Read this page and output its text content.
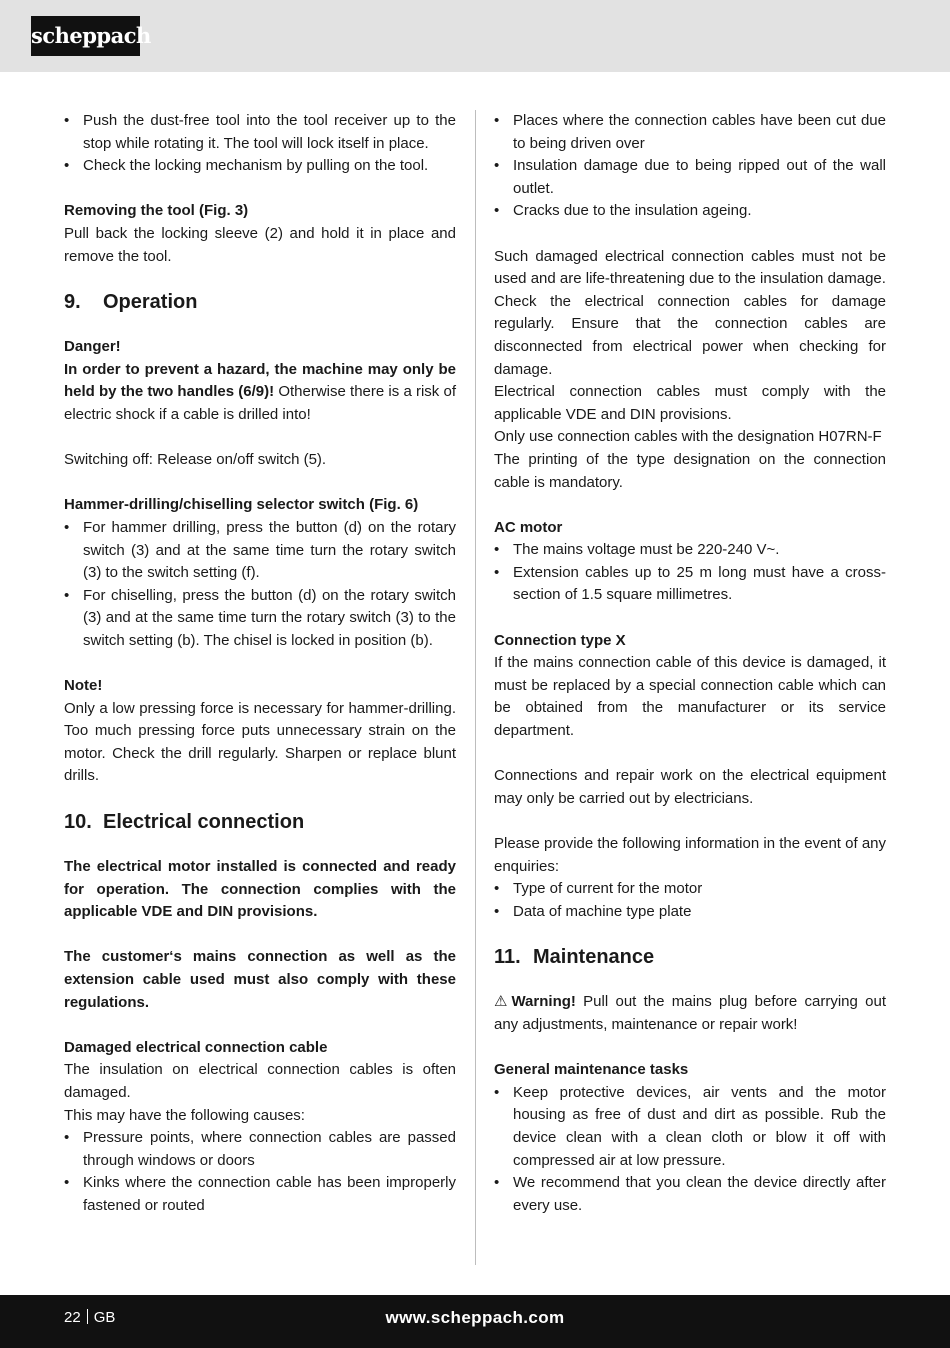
scheppach
• Push the dust-free tool into the tool receiver up to the stop while rotating it. The tool will lock itself in place.
• Check the locking mechanism by pulling on the tool.

Removing the tool (Fig. 3)

Pull back the locking sleeve (2) and hold it in place and remove the tool.

9.	Operation

Danger!

In order to prevent a hazard, the machine may only be held by the two handles (6/9)! Otherwise there is a risk of electric shock if a cable is drilled into!

Switching off: Release on/off switch (5).

Hammer-drilling/chiselling selector switch (Fig. 6)

• For hammer drilling, press the button (d) on the rotary switch (3) and at the same time turn the rotary switch (3) to the switch setting (f).
• For chiselling, press the button (d) on the rotary switch (3) and at the same time turn the rotary switch (3) to the switch setting (b). The chisel is locked in position (b).

Note!

Only a low pressing force is necessary for hammer-drilling. Too much pressing force puts unnecessary strain on the motor. Check the drill regularly. Sharpen or replace blunt drills.

10. Electrical connection

The electrical motor installed is connected and ready for operation. The connection complies with the applicable VDE and DIN provisions.

The customer‘s mains connection as well as the extension cable used must also comply with these regulations.

Damaged electrical connection cable

The insulation on electrical connection cables is often damaged.

This may have the following causes:

• Pressure points, where connection cables are passed through windows or doors
• Kinks where the connection cable has been improperly fastened or routed
• Places where the connection cables have been cut due to being driven over
• Insulation damage due to being ripped out of the wall outlet.
• Cracks due to the insulation ageing.

Such damaged electrical connection cables must not be used and are life-threatening due to the insulation damage.

Check the electrical connection cables for damage regularly. Ensure that the connection cables are disconnected from electrical power when checking for damage.

Electrical connection cables must comply with the applicable VDE and DIN provisions.

Only use connection cables with the designation H07RN-F

The printing of the type designation on the connection cable is mandatory.

AC motor

• The mains voltage must be 220-240 V~.
• Extension cables up to 25 m long must have a cross-section of 1.5 square millimetres.

Connection type X

If the mains connection cable of this device is damaged, it must be replaced by a special connection cable which can be obtained from the manufacturer or its service department.

Connections and repair work on the electrical equipment may only be carried out by electricians.

Please provide the following information in the event of any enquiries:

• Type of current for the motor
• Data of machine type plate
11. Maintenance

⚠ Warning! Pull out the mains plug before carrying out any adjustments, maintenance or repair work!

General maintenance tasks

• Keep protective devices, air vents and the motor housing as free of dust and dirt as possible. Rub the device clean with a clean cloth or blow it off with compressed air at low pressure.
• We recommend that you clean the device directly after every use.
22 GB	www.scheppach.com
